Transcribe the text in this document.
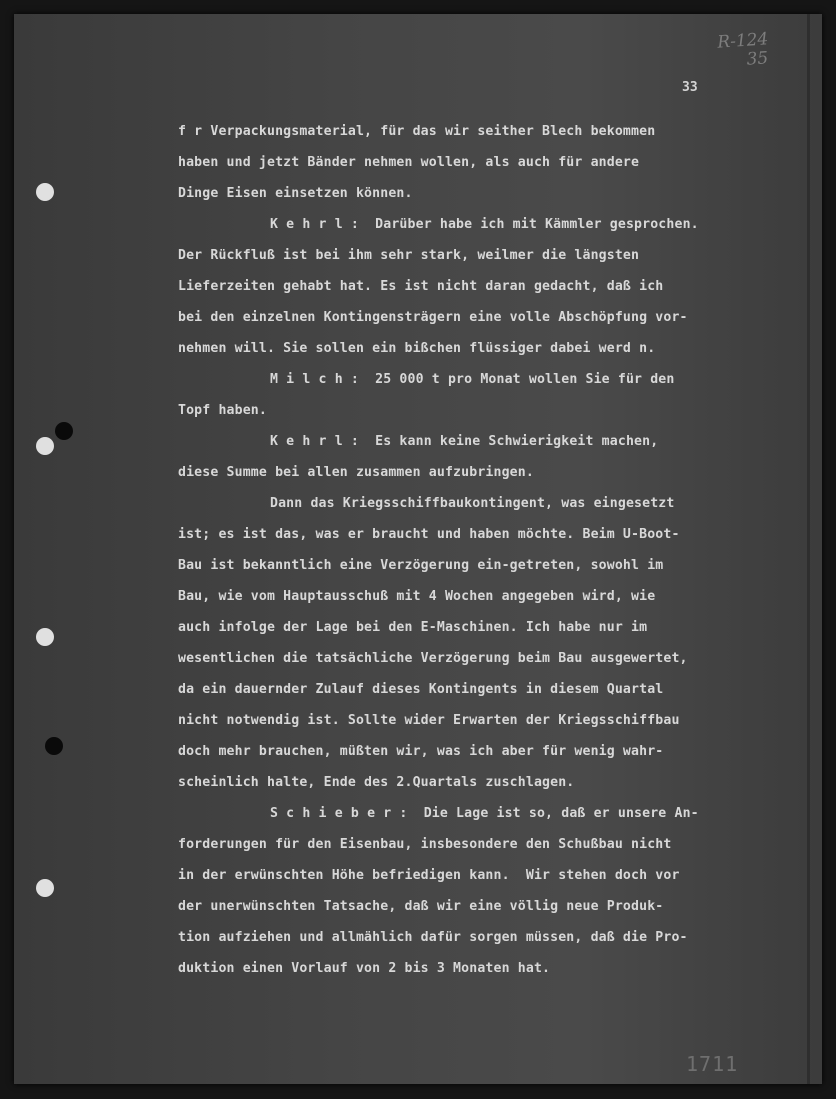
R-124
35
33
1711
f r Verpackungsmaterial, für das wir seither Blech bekommen
haben und jetzt Bänder nehmen wollen, als auch für andere
Dinge Eisen einsetzen können.
K e h r l :  Darüber habe ich mit Kämmler gesprochen.
Der Rückfluß ist bei ihm sehr stark, weilmer die längsten
Lieferzeiten gehabt hat. Es ist nicht daran gedacht, daß ich
bei den einzelnen Kontingensträgern eine volle Abschöpfung vor-
nehmen will. Sie sollen ein bißchen flüssiger dabei werd n.
M i l c h :  25 000 t pro Monat wollen Sie für den
Topf haben.
K e h r l :  Es kann keine Schwierigkeit machen,
diese Summe bei allen zusammen aufzubringen.
Dann das Kriegsschiffbaukontingent, was eingesetzt
ist; es ist das, was er braucht und haben möchte. Beim U-Boot-
Bau ist bekanntlich eine Verzögerung ein-getreten, sowohl im
Bau, wie vom Hauptausschuß mit 4 Wochen angegeben wird, wie
auch infolge der Lage bei den E-Maschinen. Ich habe nur im
wesentlichen die tatsächliche Verzögerung beim Bau ausgewertet,
da ein dauernder Zulauf dieses Kontingents in diesem Quartal
nicht notwendig ist. Sollte wider Erwarten der Kriegsschiffbau
doch mehr brauchen, müßten wir, was ich aber für wenig wahr-
scheinlich halte, Ende des 2.Quartals zuschlagen.
S c h i e b e r :  Die Lage ist so, daß er unsere An-
forderungen für den Eisenbau, insbesondere den Schußbau nicht
in der erwünschten Höhe befriedigen kann.  Wir stehen doch vor
der unerwünschten Tatsache, daß wir eine völlig neue Produk-
tion aufziehen und allmählich dafür sorgen müssen, daß die Pro-
duktion einen Vorlauf von 2 bis 3 Monaten hat.
